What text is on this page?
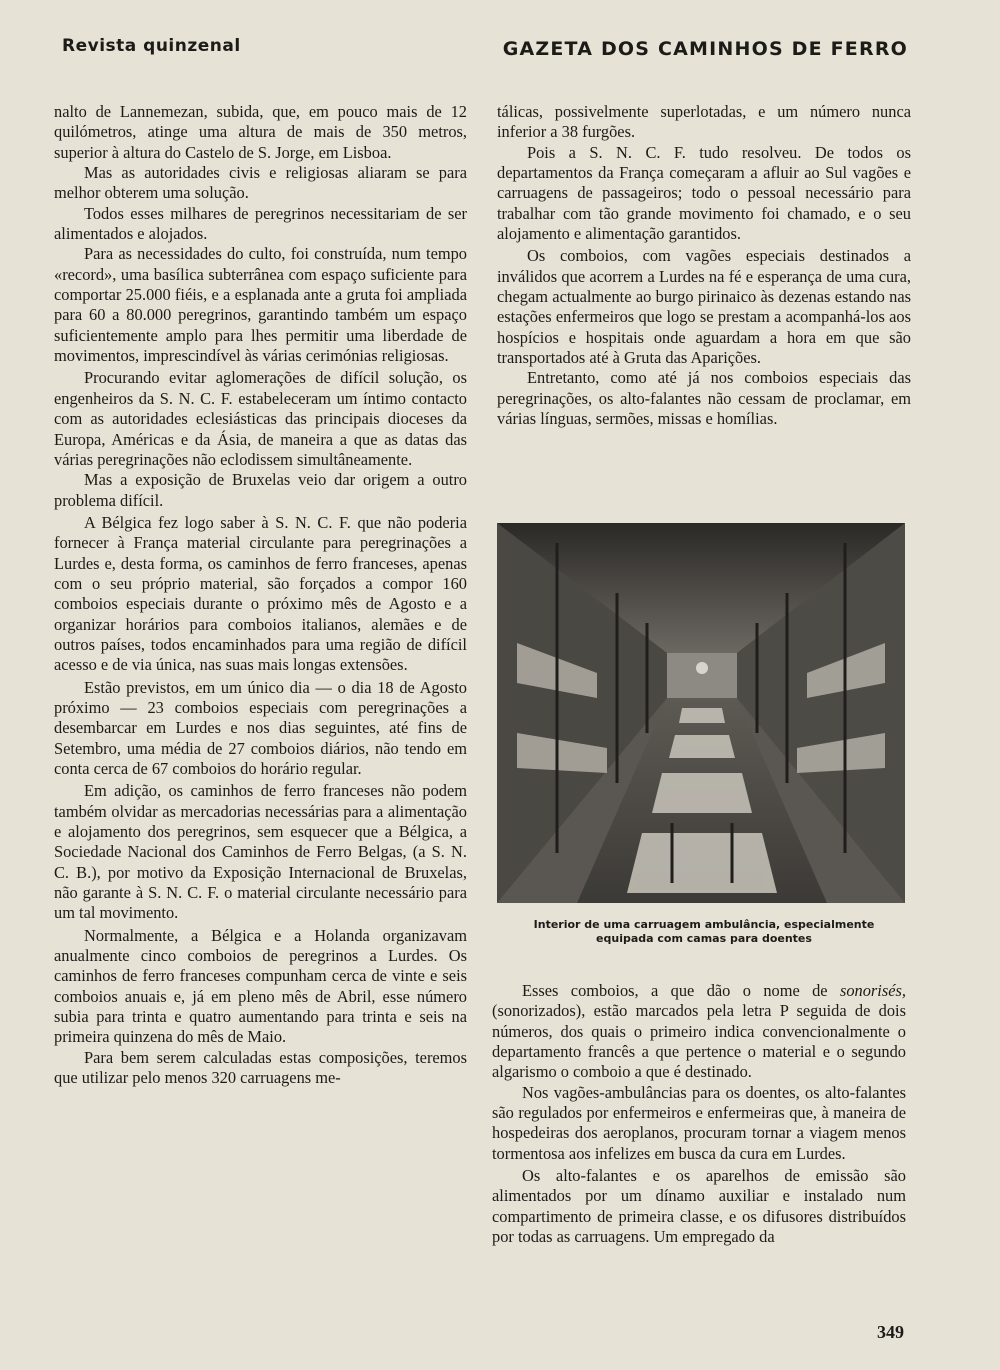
Revista quinzenal	GAZETA DOS CAMINHOS DE FERRO

nalto de Lannemezan, subida, que, em pouco mais de 12 quilómetros, atinge uma altura de mais de 350 metros, superior à altura do Castelo de S. Jorge, em Lisboa.

Mas as autoridades civis e religiosas aliaram se para melhor obterem uma solução.

Todos esses milhares de peregrinos necessitariam de ser alimentados e alojados.

Para as necessidades do culto, foi construída, num tempo «record», uma basílica subterrânea com espaço suficiente para comportar 25.000 fiéis, e a esplanada ante a gruta foi ampliada para 60 a 80.000 peregrinos, garantindo também um espaço suficientemente amplo para lhes permitir uma liberdade de movimentos, imprescindível às várias cerimónias religiosas.

Procurando evitar aglomerações de difícil solução, os engenheiros da S. N. C. F. estabeleceram um íntimo contacto com as autoridades eclesiásticas das principais dioceses da Europa, Américas e da Ásia, de maneira a que as datas das várias peregrinações não eclodissem simultâneamente.

Mas a exposição de Bruxelas veio dar origem a outro problema difícil.

A Bélgica fez logo saber à S. N. C. F. que não poderia fornecer à França material circulante para peregrinações a Lurdes e, desta forma, os caminhos de ferro franceses, apenas com o seu próprio material, são forçados a compor 160 comboios especiais durante o próximo mês de Agosto e a organizar horários para comboios italianos, alemães e de outros países, todos encaminhados para uma região de difícil acesso e de via única, nas suas mais longas extensões.

Estão previstos, em um único dia — o dia 18 de Agosto próximo — 23 comboios especiais com peregrinações a desembarcar em Lurdes e nos dias seguintes, até fins de Setembro, uma média de 27 comboios diários, não tendo em conta cerca de 67 comboios do horário regular.

Em adição, os caminhos de ferro franceses não podem também olvidar as mercadorias necessárias para a alimentação e alojamento dos peregrinos, sem esquecer que a Bélgica, a Sociedade Nacional dos Caminhos de Ferro Belgas, (a S. N. C. B.), por motivo da Exposição Internacional de Bruxelas, não garante à S. N. C. F. o material circulante necessário para um tal movimento.

Normalmente, a Bélgica e a Holanda organizavam anualmente cinco comboios de peregrinos a Lurdes. Os caminhos de ferro franceses compunham cerca de vinte e seis comboios anuais e, já em pleno mês de Abril, esse número subia para trinta e quatro aumentando para trinta e seis na primeira quinzena do mês de Maio.

Para bem serem calculadas estas composições, teremos que utilizar pelo menos 320 carruagens me-

tálicas, possivelmente superlotadas, e um número nunca inferior a 38 furgões.

Pois a S. N. C. F. tudo resolveu. De todos os departamentos da França começaram a afluir ao Sul vagões e carruagens de passageiros; todo o pessoal necessário para trabalhar com tão grande movimento foi chamado, e o seu alojamento e alimentação garantidos.

Os comboios, com vagões especiais destinados a inválidos que acorrem a Lurdes na fé e esperança de uma cura, chegam actualmente ao burgo pirinaico às dezenas estando nas estações enfermeiros que logo se prestam a acompanhá-los aos hospícios e hospitais onde aguardam a hora em que são transportados até à Gruta das Aparições.

Entretanto, como até já nos comboios especiais das peregrinações, os alto-falantes não cessam de proclamar, em várias línguas, sermões, missas e homílias.

Interior de uma carruagem ambulância, especialmente equipada com camas para doentes

Esses comboios, a que dão o nome de sonorisés, (sonorizados), estão marcados pela letra P seguida de dois números, dos quais o primeiro indica convencionalmente o departamento francês a que pertence o material e o segundo algarismo o comboio a que é destinado.

Nos vagões-ambulâncias para os doentes, os alto-falantes são regulados por enfermeiros e enfermeiras que, à maneira de hospedeiras dos aeroplanos, procuram tornar a viagem menos tormentosa aos infelizes em busca da cura em Lurdes.

Os alto-falantes e os aparelhos de emissão são alimentados por um dínamo auxiliar e instalado num compartimento de primeira classe, e os difusores distribuídos por todas as carruagens. Um empregado da

349
